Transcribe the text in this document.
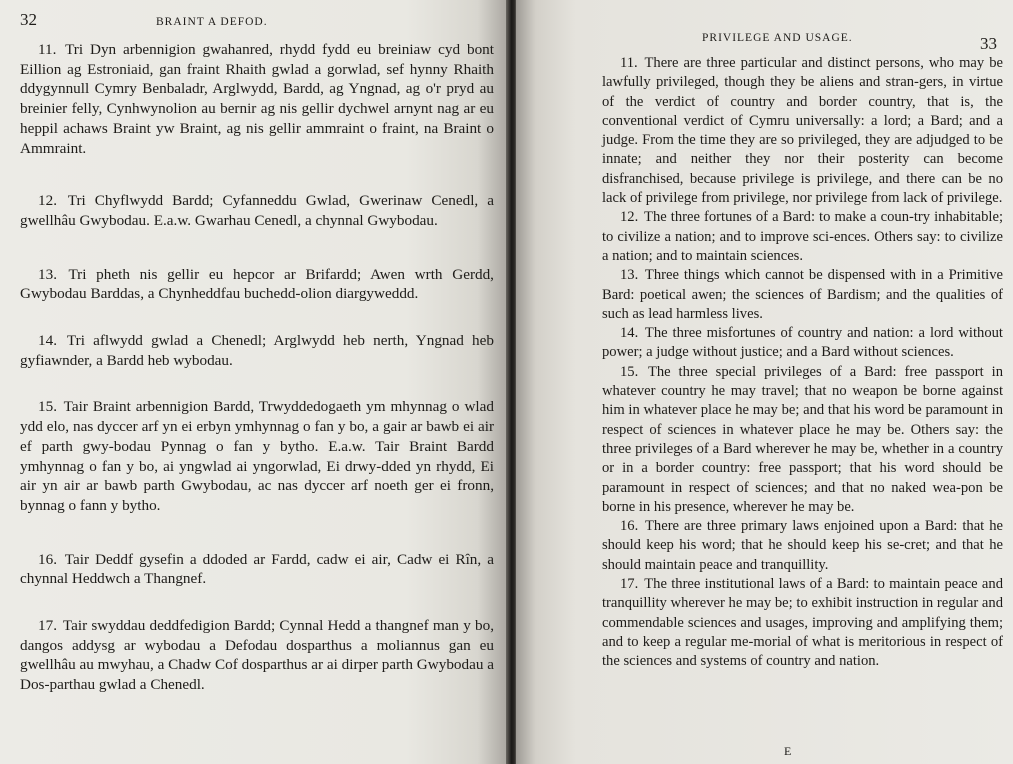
32	BRAINT A DEFOD.

11. Tri Dyn arbennigion gwahanred, rhydd fydd eu breiniaw cyd bont Eillion ag Estroniaid, gan fraint Rhaith gwlad a gorwlad, sef hynny Rhaith ddygynnull Cymry Benbaladr, Arglwydd, Bardd, ag Yngnad, ag o'r pryd au breinier felly, Cynhwynolion au bernir ag nis gellir dychwel arnynt nag ar eu heppil achaws Braint yw Braint, ag nis gellir ammraint o fraint, na Braint o Ammraint.

12. Tri Chyflwydd Bardd; Cyfanneddu Gwlad, Gwerinaw Cenedl, a gwellhâu Gwybodau. E.a.w. Gwarhau Cenedl, a chynnal Gwybodau.

13. Tri pheth nis gellir eu hepcor ar Brifardd; Awen wrth Gerdd, Gwybodau Barddas, a Chynheddfau buchedd-olion diargyweddd.

14. Tri aflwydd gwlad a Chenedl; Arglwydd heb nerth, Yngnad heb gyfiawnder, a Bardd heb wybodau.

15. Tair Braint arbennigion Bardd, Trwyddedogaeth ym mhynnag o wlad ydd elo, nas dyccer arf yn ei erbyn ymhynnag o fan y bo, a gair ar bawb ei air ef parth gwy-bodau Pynnag o fan y bytho. E.a.w. Tair Braint Bardd ymhynnag o fan y bo, ai yngwlad ai yngorwlad, Ei drwy-dded yn rhydd, Ei air yn air ar bawb parth Gwybodau, ac nas dyccer arf noeth ger ei fronn, bynnag o fann y bytho.

16. Tair Deddf gysefin a ddoded ar Fardd, cadw ei air, Cadw ei Rîn, a chynnal Heddwch a Thangnef.

17. Tair swyddau deddfedigion Bardd; Cynnal Hedd a thangnef man y bo, dangos addysg ar wybodau a Defodau dosparthus a moliannus gan eu gwellhâu au mwyhau, a Chadw Cof dosparthus ar ai dirper parth Gwybodau a Dos-parthau gwlad a Chenedl.

PRIVILEGE AND USAGE.	33

11. There are three particular and distinct persons, who may be lawfully privileged, though they be aliens and stran-gers, in virtue of the verdict of country and border country, that is, the conventional verdict of Cymru universally: a lord; a Bard; and a judge. From the time they are so privileged, they are adjudged to be innate; and neither they nor their posterity can become disfranchised, because privilege is privilege, and there can be no lack of privilege from privilege, nor privilege from lack of privilege.

12. The three fortunes of a Bard: to make a coun-try inhabitable; to civilize a nation; and to improve sci-ences. Others say: to civilize a nation; and to maintain sciences.

13. Three things which cannot be dispensed with in a Primitive Bard: poetical awen; the sciences of Bardism; and the qualities of such as lead harmless lives.

14. The three misfortunes of country and nation: a lord without power; a judge without justice; and a Bard without sciences.

15. The three special privileges of a Bard: free passport in whatever country he may travel; that no weapon be borne against him in whatever place he may be; and that his word be paramount in respect of sciences in whatever place he may be. Others say: the three privileges of a Bard wherever he may be, whether in a country or in a border country: free passport; that his word should be paramount in respect of sciences; and that no naked wea-pon be borne in his presence, wherever he may be.

16. There are three primary laws enjoined upon a Bard: that he should keep his word; that he should keep his se-cret; and that he should maintain peace and tranquillity.

17. The three institutional laws of a Bard: to maintain peace and tranquillity wherever he may be; to exhibit instruction in regular and commendable sciences and usages, improving and amplifying them; and to keep a regular me-morial of what is meritorious in respect of the sciences and systems of country and nation.

E
